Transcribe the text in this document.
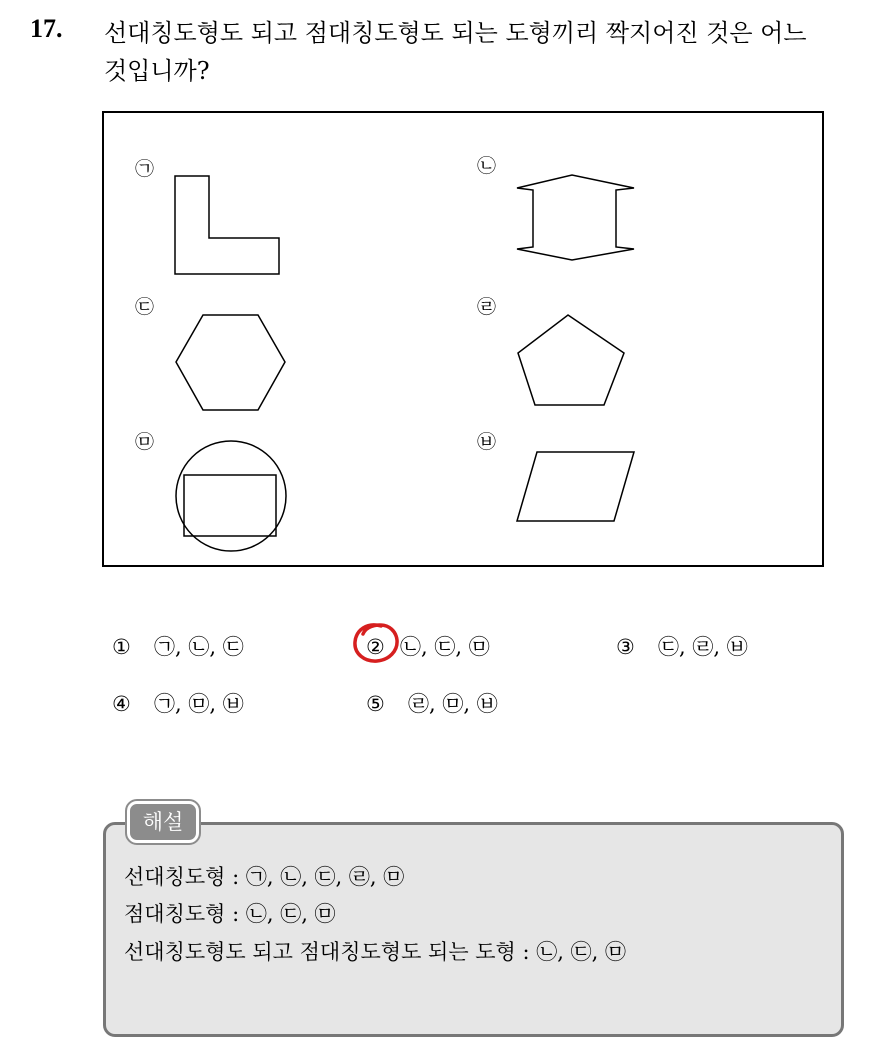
17. 선대칭도형도 되고 점대칭도형도 되는 도형끼리 짝지어진 것은 어느
것입니까?
㉠	㉡
㉢	㉣
㉤	㉥
① ㉠, ㉡, ㉢	② ㉡, ㉢, ㉤	③ ㉢, ㉣, ㉥
④ ㉠, ㉤, ㉥	⑤ ㉣, ㉤, ㉥
해설
선대칭도형 : ㉠, ㉡, ㉢, ㉣, ㉤
점대칭도형 : ㉡, ㉢, ㉤
선대칭도형도 되고 점대칭도형도 되는 도형 : ㉡, ㉢, ㉤
